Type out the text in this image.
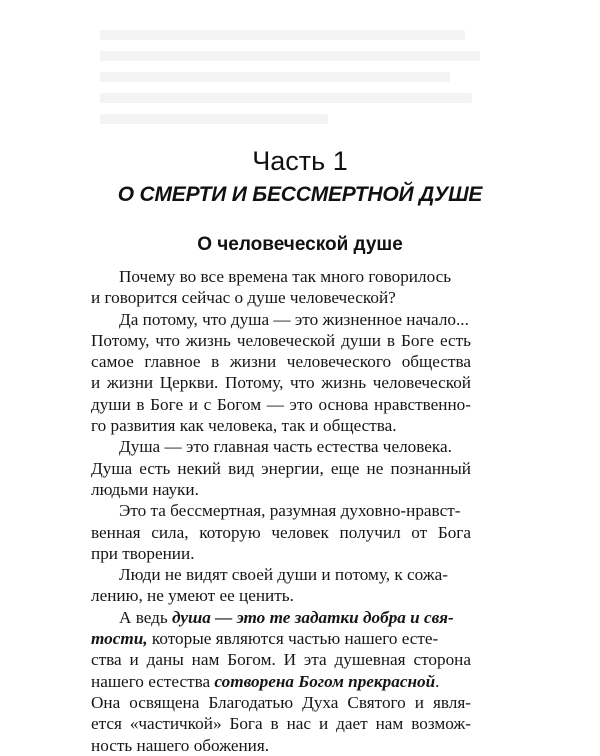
Часть 1
О СМЕРТИ И БЕССМЕРТНОЙ ДУШЕ
О человеческой душе
Почему во все времена так много говорилось
и говорится сейчас о душе человеческой?
Да потому, что душа — это жизненное начало...
Потому, что жизнь человеческой души в Боге есть
самое главное в жизни человеческого общества
и жизни Церкви. Потому, что жизнь человеческой
души в Боге и с Богом — это основа нравственно-
го развития как человека, так и общества.
Душа — это главная часть естества человека.
Душа есть некий вид энергии, еще не познанный
людьми науки.
Это та бессмертная, разумная духовно-нравст-
венная сила, которую человек получил от Бога
при творении.
Люди не видят своей души и потому, к сожа-
лению, не умеют ее ценить.
А ведь душа — это те задатки добра и свя-
тости, которые являются частью нашего есте-
ства и даны нам Богом. И эта душевная сторона
нашего естества сотворена Богом прекрасной.
Она освящена Благодатью Духа Святого и явля-
ется «частичкой» Бога в нас и дает нам возмож-
ность нашего обожения.
